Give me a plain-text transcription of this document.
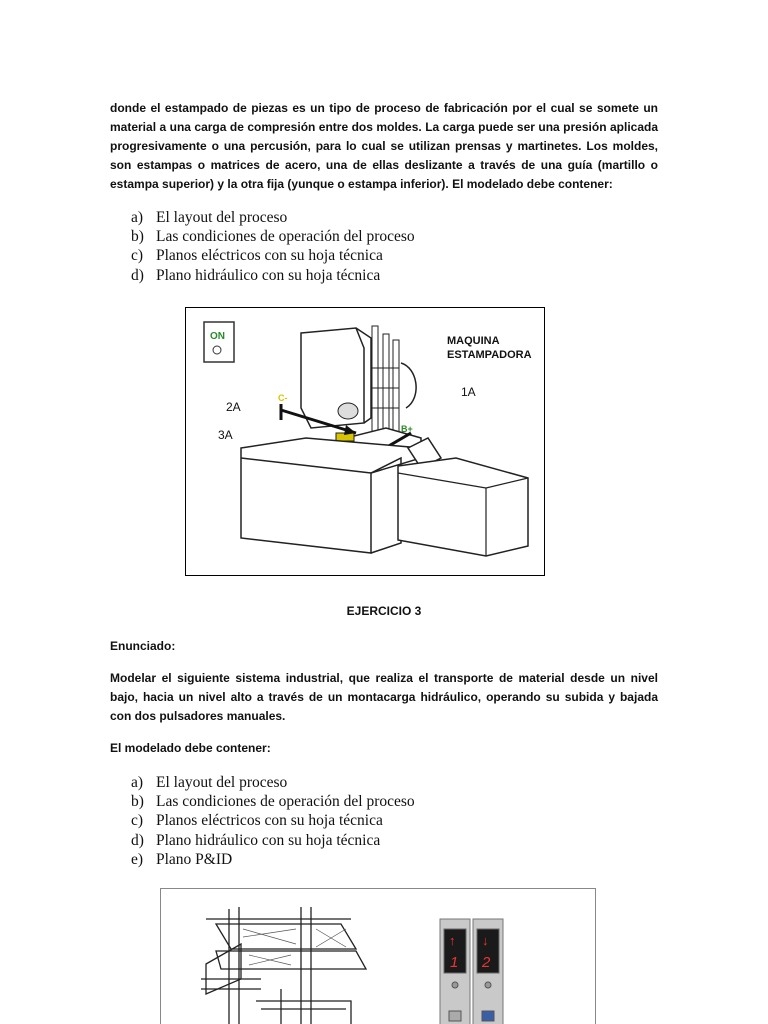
donde el estampado de piezas es un tipo de proceso de fabricación por el cual se somete un material a una carga de compresión entre dos moldes. La carga puede ser una presión aplicada progresivamente o una percusión, para lo cual se utilizan prensas y martinetes. Los moldes, son estampas o matrices de acero, una de ellas deslizante a través de una guía (martillo o estampa superior) y la otra fija (yunque o estampa inferior). El modelado debe contener:

a) El layout del proceso
b) Las condiciones de operación del proceso
c) Planos eléctricos con su hoja técnica
d) Plano hidráulico con su hoja técnica
ON
C-
B+
MAQUINA
ESTAMPADORA
1A
2A
3A

EJERCICIO 3

Enunciado:

Modelar el siguiente sistema industrial, que realiza el transporte de material desde un nivel bajo, hacia un nivel alto a través de un montacarga hidráulico, operando su subida y bajada con dos pulsadores manuales.

El modelado debe contener:

a) El layout del proceso
b) Las condiciones de operación del proceso
c) Planos eléctricos con su hoja técnica
d) Plano hidráulico con su hoja técnica
e) Plano P&ID
↑
1
↓
2
